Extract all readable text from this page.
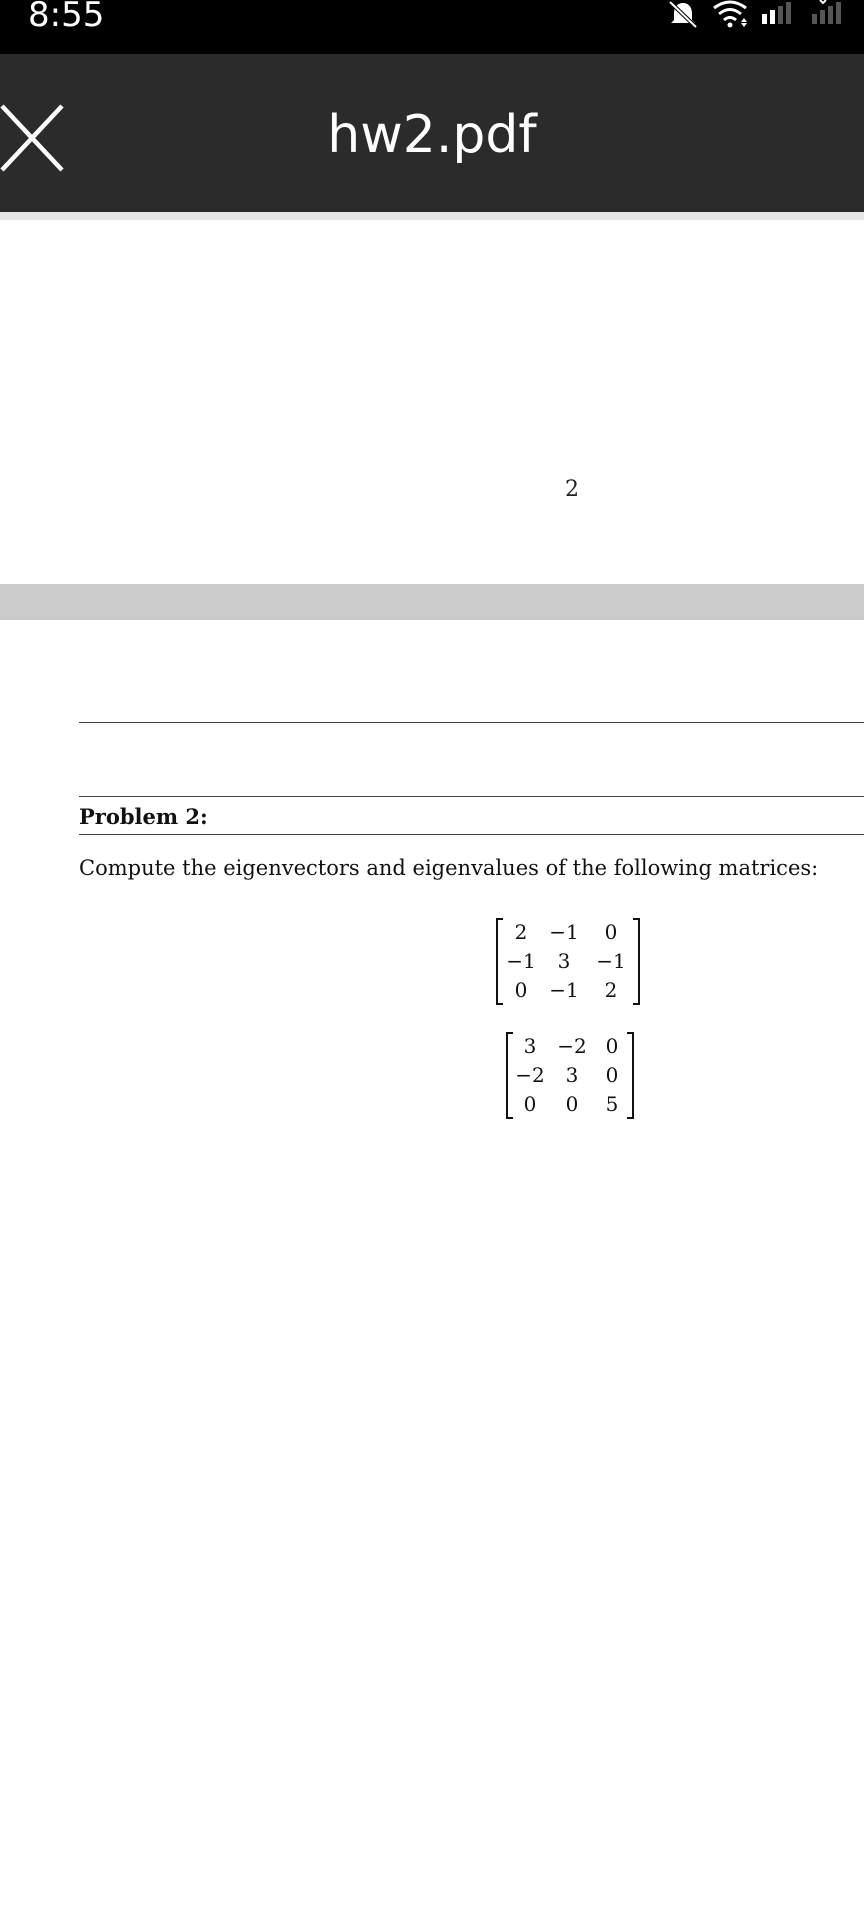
8:55
hw2.pdf
2
Problem 2:
Compute the eigenvectors and eigenvalues of the following matrices:
2	−1	0
−1	3	−1
0	−1	2
3	−2 0
−2	3	0
0	0	5
